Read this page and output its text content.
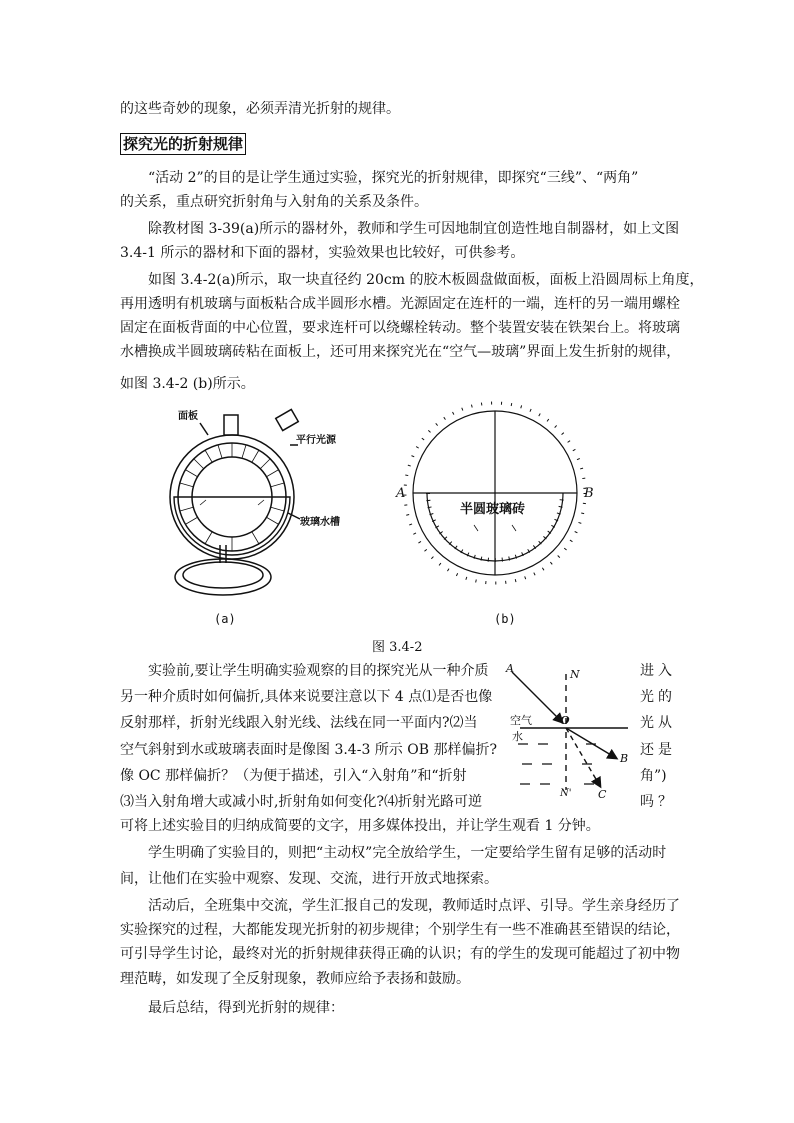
的这些奇妙的现象，必须弄清光折射的规律。
探究光的折射规律
“活动 2”的目的是让学生通过实验，探究光的折射规律，即探究“三线”、“两角”
的关系，重点研究折射角与入射角的关系及条件。
除教材图 3-39(a)所示的器材外，教师和学生可因地制宜创造性地自制器材，如上文图
3.4-1 所示的器材和下面的器材，实验效果也比较好，可供参考。
如图 3.4-2(a)所示，取一块直径约 20cm 的胶木板圆盘做面板，面板上沿圆周标上角度，
再用透明有机玻璃与面板粘合成半圆形水槽。光源固定在连杆的一端，连杆的另一端用螺栓
固定在面板背面的中心位置，要求连杆可以绕螺栓转动。整个装置安装在铁架台上。将玻璃
水槽换成半圆玻璃砖粘在面板上，还可用来探究光在“空气—玻璃”界面上发生折射的规律，
如图 3.4-2 (b)所示。
面板
平行光源
玻璃水槽
(a)
A	B
半圆玻璃砖
(b)
图 3.4-2
实验前,要让学生明确实验观察的目的探究光从一种介质
另一种介质时如何偏折,具体来说要注意以下 4 点⑴是否也像
反射那样，折射光线跟入射光线、法线在同一平面内?⑵当
空气斜射到水或玻璃表面时是像图 3.4-3 所示 OB 那样偏折?
像 OC 那样偏折？（为便于描述，引入“入射角”和“折射
⑶当入射角增大或减小时,折射角如何变化?⑷折射光路可逆
可将上述实验目的归纳成简要的文字，用多媒体投出，并让学生观看 1 分钟。
进入
光的
光从
还是
角”)
吗？
A	N
O
空气
水
B
C
N'
学生明确了实验目的，则把“主动权”完全放给学生，一定要给学生留有足够的活动时
间，让他们在实验中观察、发现、交流，进行开放式地探索。
活动后，全班集中交流，学生汇报自己的发现，教师适时点评、引导。学生亲身经历了
实验探究的过程，大都能发现光折射的初步规律；个别学生有一些不准确甚至错误的结论，
可引导学生讨论，最终对光的折射规律获得正确的认识；有的学生的发现可能超过了初中物
理范畴，如发现了全反射现象，教师应给予表扬和鼓励。
最后总结，得到光折射的规律：
